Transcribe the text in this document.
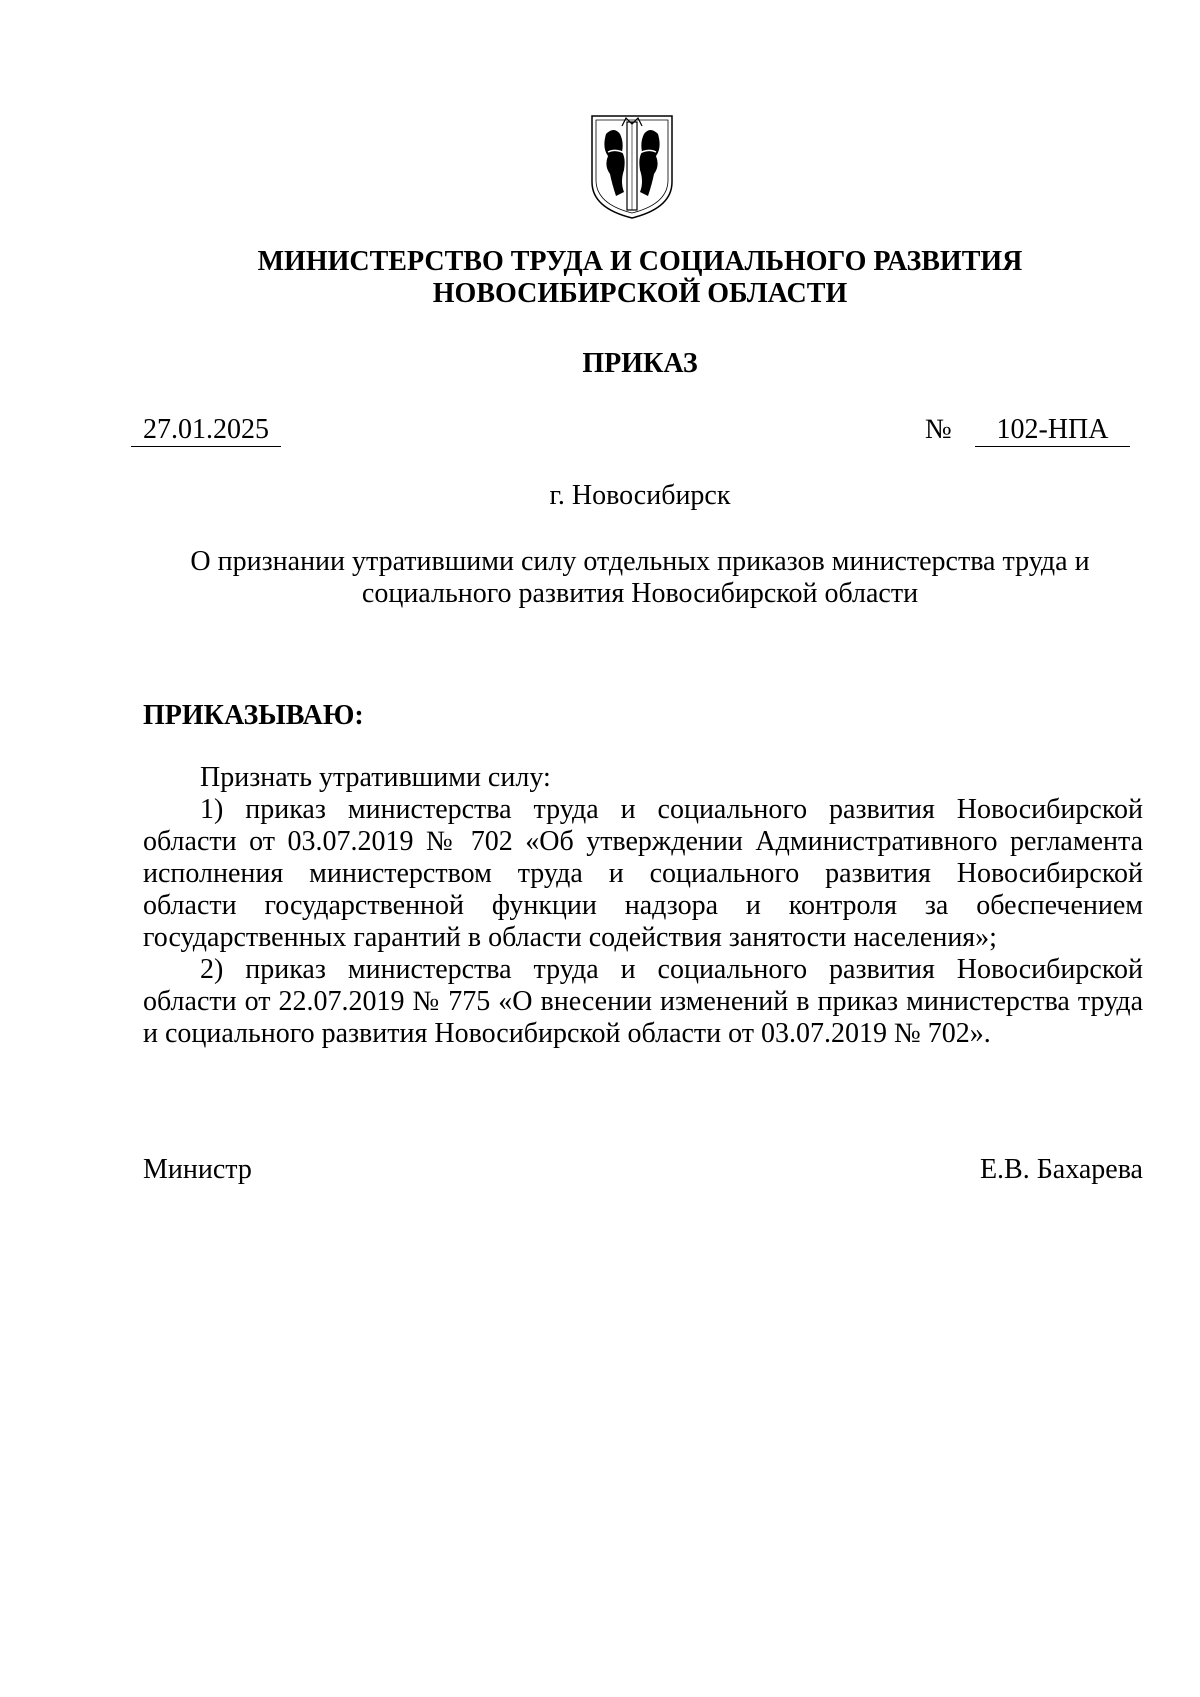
МИНИСТЕРСТВО ТРУДА И СОЦИАЛЬНОГО РАЗВИТИЯ
НОВОСИБИРСКОЙ ОБЛАСТИ
ПРИКАЗ
27.01.2025	№	102-НПА
г. Новосибирск
О признании утратившими силу отдельных приказов министерства труда и
социального развития Новосибирской области
ПРИКАЗЫВАЮ:

Признать утратившими силу:

1) приказ министерства труда и социального развития Новосибирской
области от 03.07.2019 № 702 «Об утверждении Административного регламента
исполнения министерством труда и социального развития Новосибирской
области государственной функции надзора и контроля за обеспечением
государственных гарантий в области содействия занятости населения»;

2) приказ министерства труда и социального развития Новосибирской
области от 22.07.2019 № 775 «О внесении изменений в приказ министерства труда
и социального развития Новосибирской области от 03.07.2019 № 702».

Министр	Е.В. Бахарева
